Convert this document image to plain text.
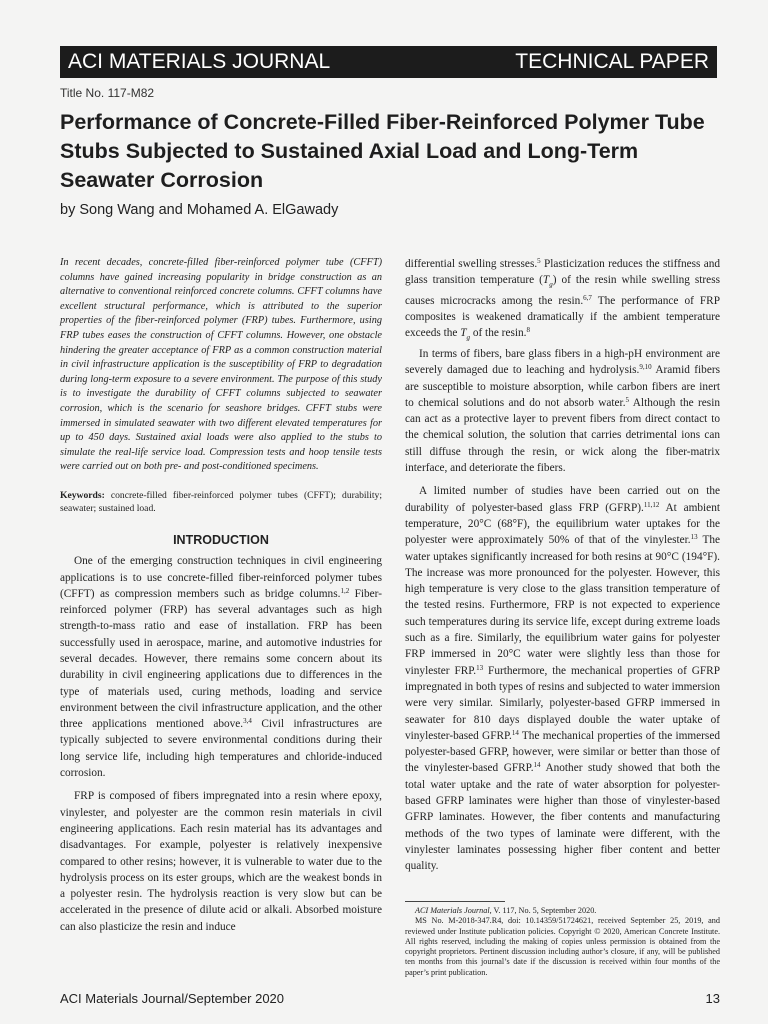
ACI MATERIALS JOURNAL	TECHNICAL PAPER
Title No. 117-M82
Performance of Concrete-Filled Fiber-Reinforced Polymer Tube Stubs Subjected to Sustained Axial Load and Long-Term Seawater Corrosion
by Song Wang and Mohamed A. ElGawady

In recent decades, concrete-filled fiber-reinforced polymer tube (CFFT) columns have gained increasing popularity in bridge construction as an alternative to conventional reinforced concrete columns. CFFT columns have excellent structural performance, which is attributed to the superior properties of the fiber-reinforced polymer (FRP) tubes. Furthermore, using FRP tubes eases the construction of CFFT columns. However, one obstacle hindering the greater acceptance of FRP as a common construction material in civil infrastructure application is the susceptibility of FRP to degradation during long-term exposure to a severe environment. The purpose of this study is to investigate the durability of CFFT columns subjected to seawater corrosion, which is the scenario for seashore bridges. CFFT stubs were immersed in simulated seawater with two different elevated temperatures for up to 450 days. Sustained axial loads were also applied to the stubs to simulate the real-life service load. Compression tests and hoop tensile tests were carried out on both pre- and post-conditioned specimens.

Keywords: concrete-filled fiber-reinforced polymer tubes (CFFT); durability; seawater; sustained load.

INTRODUCTION

One of the emerging construction techniques in civil engineering applications is to use concrete-filled fiber-reinforced polymer tubes (CFFT) as compression members such as bridge columns.$^{1,2}$ Fiber-reinforced polymer (FRP) has several advantages such as high strength-to-mass ratio and ease of installation. FRP has been successfully used in aerospace, marine, and automotive industries for several decades. However, there remains some concern about its durability in civil engineering applications due to differences in the type of materials used, curing methods, loading and service environment between the civil infrastructure application, and the other three applications mentioned above.$^{3,4}$ Civil infrastructures are typically subjected to severe environmental conditions during their long service life, including high temperatures and chloride-induced corrosion.

FRP is composed of fibers impregnated into a resin where epoxy, vinylester, and polyester are the common resin materials in civil engineering applications. Each resin material has its advantages and disadvantages. For example, polyester is relatively inexpensive compared to other resins; however, it is vulnerable to water due to the hydrolysis process on its ester groups, which are the weakest bonds in a polyester resin. The hydrolysis reaction is very slow but can be accelerated in the presence of dilute acid or alkali. Absorbed moisture can also plasticize the resin and induce

differential swelling stresses.$^5$ Plasticization reduces the stiffness and glass transition temperature $(T_g)$ of the resin while swelling stress causes microcracks among the resin.$^{6,7}$ The performance of FRP composites is weakened dramatically if the ambient temperature exceeds the $T_g$ of the resin.$^8$

In terms of fibers, bare glass fibers in a high-pH environment are severely damaged due to leaching and hydrolysis.$^{9,10}$ Aramid fibers are susceptible to moisture absorption, while carbon fibers are inert to chemical solutions and do not absorb water.$^5$ Although the resin can act as a protective layer to prevent fibers from direct contact to the chemical solution, the solution that carries detrimental ions can still diffuse through the resin, or wick along the fiber-matrix interface, and deteriorate the fibers.

A limited number of studies have been carried out on the durability of polyester-based glass FRP (GFRP).$^{11,12}$ At ambient temperature, 20°C (68°F), the equilibrium water uptakes for the polyester were approximately 50% of that of the vinylester.$^{13}$ The water uptakes significantly increased for both resins at 90°C (194°F). The increase was more pronounced for the polyester. However, this high temperature is very close to the glass transition temperature of the tested resins. Furthermore, FRP is not expected to experience such temperatures during its service life, except during extreme loads such as a fire. Similarly, the equilibrium water gains for polyester FRP immersed in 20°C water were slightly less than those for vinylester FRP.$^{13}$ Furthermore, the mechanical properties of GFRP impregnated in both types of resins and subjected to water immersion were very similar. Similarly, polyester-based GFRP immersed in seawater for 810 days displayed double the water uptake of vinylester-based GFRP.$^{14}$ The mechanical properties of the immersed polyester-based GFRP, however, were similar or better than those of the vinylester-based GFRP.$^{14}$ Another study showed that both the total water uptake and the rate of water absorption for polyester-based GFRP laminates were higher than those of vinylester-based GFRP laminates. However, the fiber contents and manufacturing methods of the two types of laminate were different, with the vinylester laminates possessing higher fiber content and better quality.

ACI Materials Journal, V. 117, No. 5, September 2020.

MS No. M-2018-347.R4, doi: 10.14359/51724621, received September 25, 2019, and reviewed under Institute publication policies. Copyright © 2020, American Concrete Institute. All rights reserved, including the making of copies unless permission is obtained from the copyright proprietors. Pertinent discussion including author’s closure, if any, will be published ten months from this journal’s date if the discussion is received within four months of the paper’s print publication.

ACI Materials Journal/September 2020	13
